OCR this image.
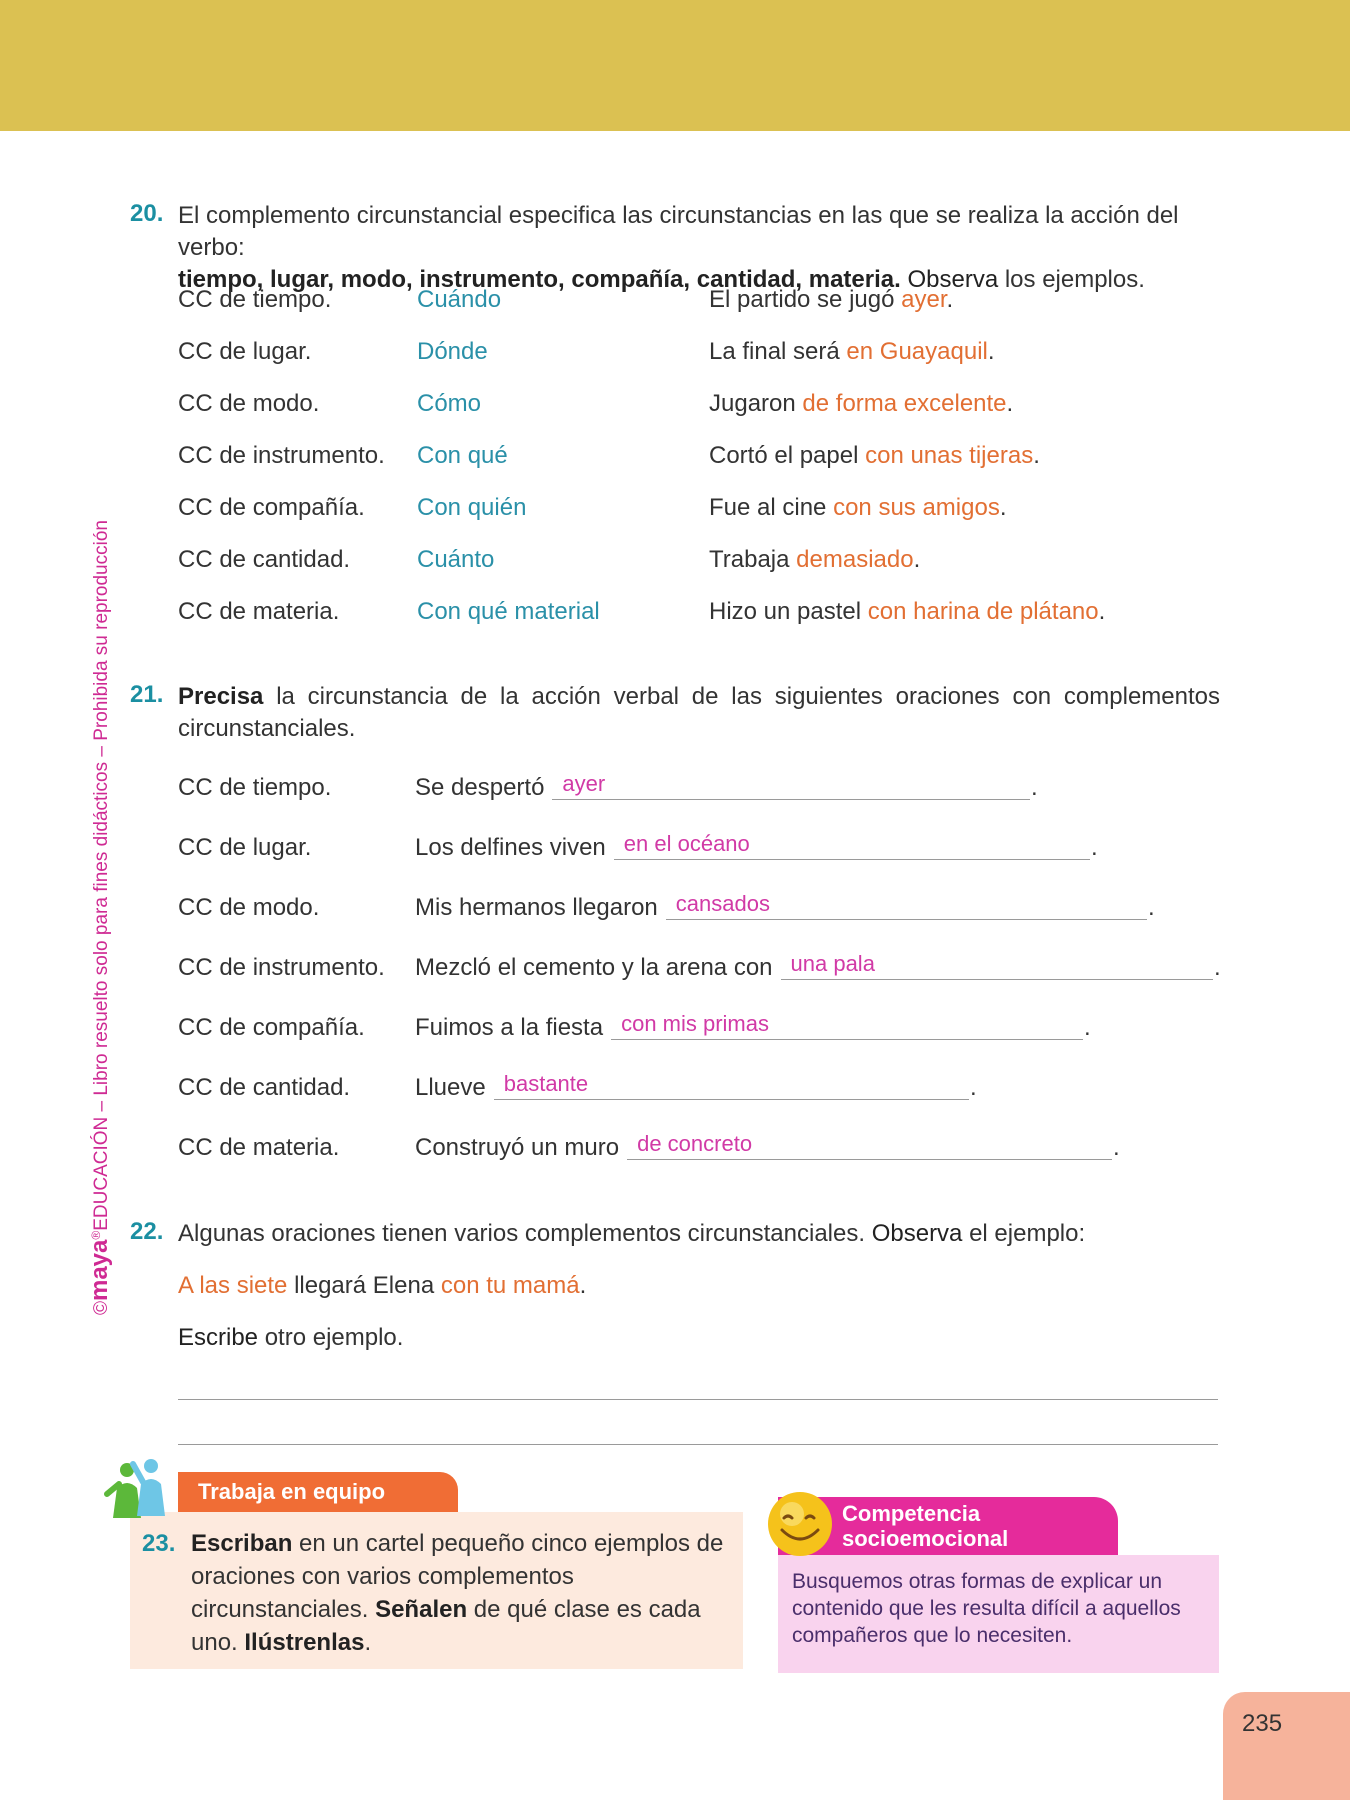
©maya®EDUCACIÓN – Libro resuelto solo para fines didácticos – Prohibida su reproducción
20. El complemento circunstancial especifica las circunstancias en las que se realiza la acción del verbo:
tiempo, lugar, modo, instrumento, compañía, cantidad, materia. Observa los ejemplos.
CC de tiempo.	Cuándo	El partido se jugó ayer.
CC de lugar.	Dónde	La final será en Guayaquil.
CC de modo.	Cómo	Jugaron de forma excelente.
CC de instrumento. Con qué	Cortó el papel con unas tijeras.
CC de compañía. Con quién	Fue al cine con sus amigos.
CC de cantidad.	Cuánto	Trabaja demasiado.
CC de materia.	Con qué material	Hizo un pastel con harina de plátano.
21. Precisa la circunstancia de la acción verbal de las siguientes oraciones con complementos circunstanciales.
CC de tiempo.	Se despertó ayer	.
CC de lugar.	Los delfines viven en el océano	.
CC de modo.	Mis hermanos llegaron cansados	.
CC de instrumento. Mezcló el cemento y la arena con una pala	.
CC de compañía. Fuimos a la fiesta con mis primas	.
CC de cantidad.	Llueve bastante	.
CC de materia.	Construyó un muro de concreto	.
22. Algunas oraciones tienen varios complementos circunstanciales. Observa el ejemplo:
A las siete llegará Elena con tu mamá.
Escribe otro ejemplo.
Trabaja en equipo
23. Escriban en un cartel pequeño cinco ejemplos de oraciones con varios complementos circunstanciales. Señalen de qué clase es cada uno. Ilústrenlas.
Competencia
socioemocional
Busquemos otras formas de explicar un contenido que les resulta difícil a aquellos compañeros que lo necesiten.
235
